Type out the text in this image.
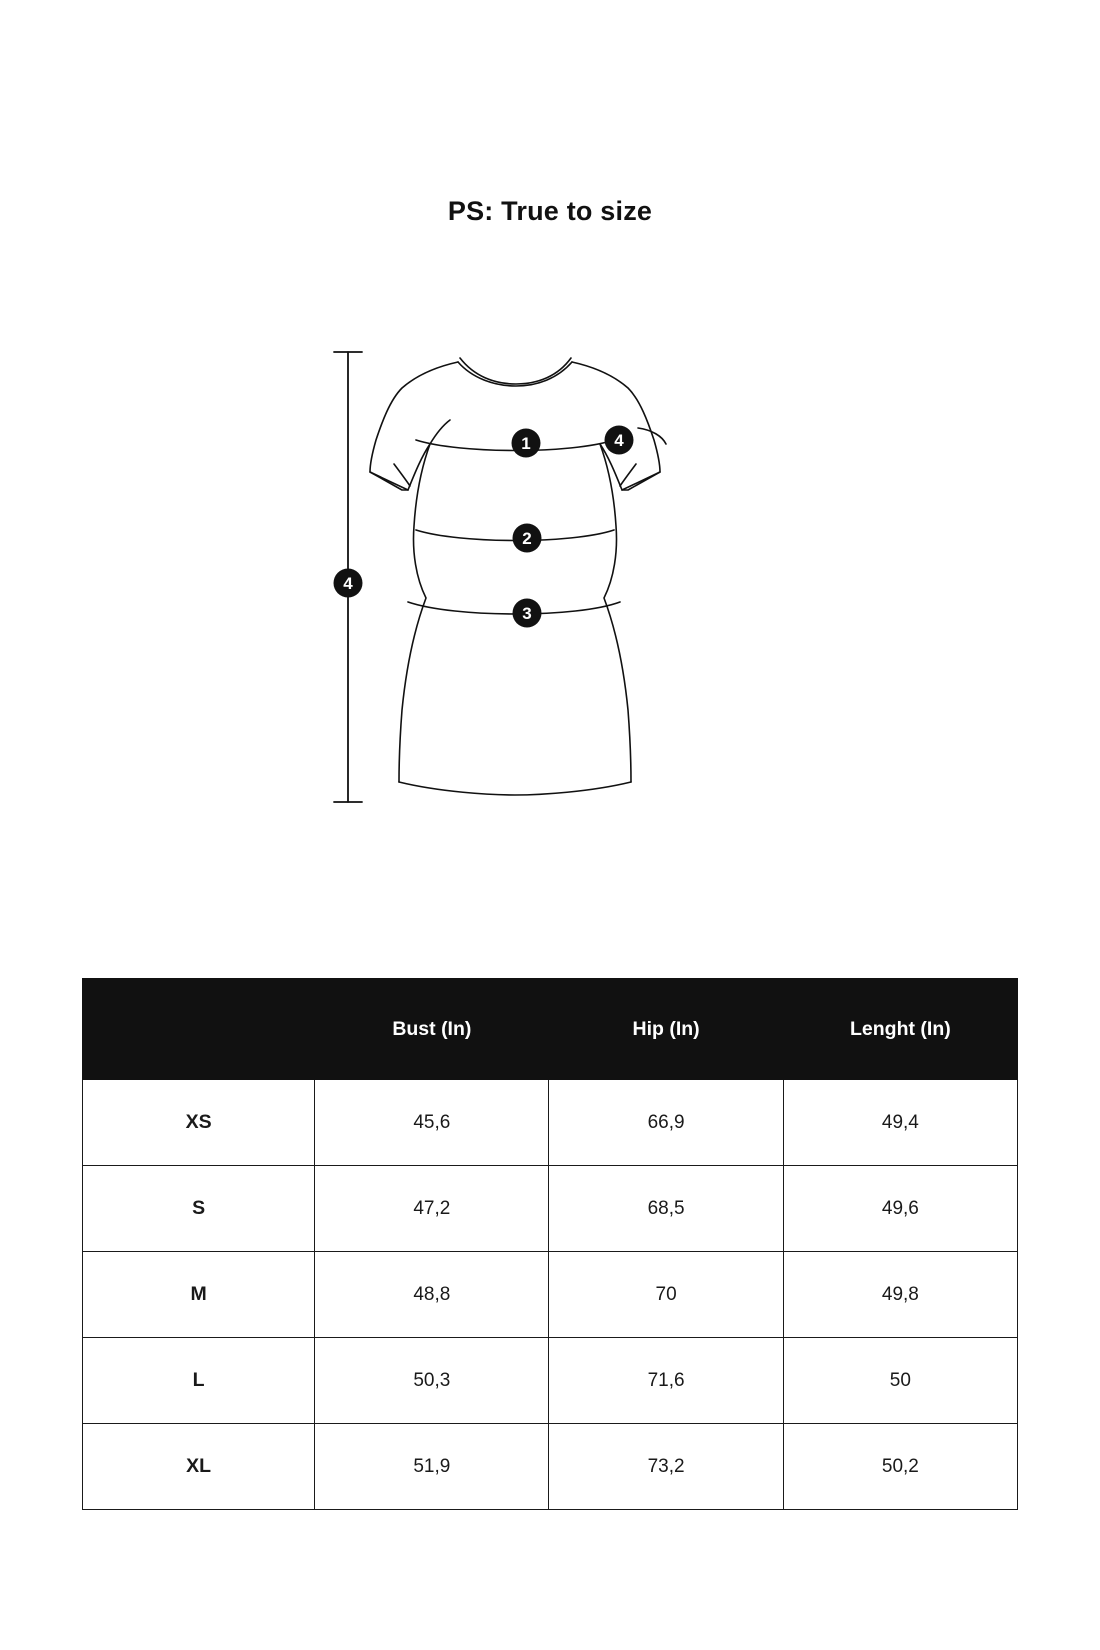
PS: True to size
1
2
3
4
4
	Bust (In)	Hip (In)	Lenght (In)
XS	45,6	66,9	49,4
S	47,2	68,5	49,6
M	48,8	70	49,8
L	50,3	71,6	50
XL	51,9	73,2	50,2
